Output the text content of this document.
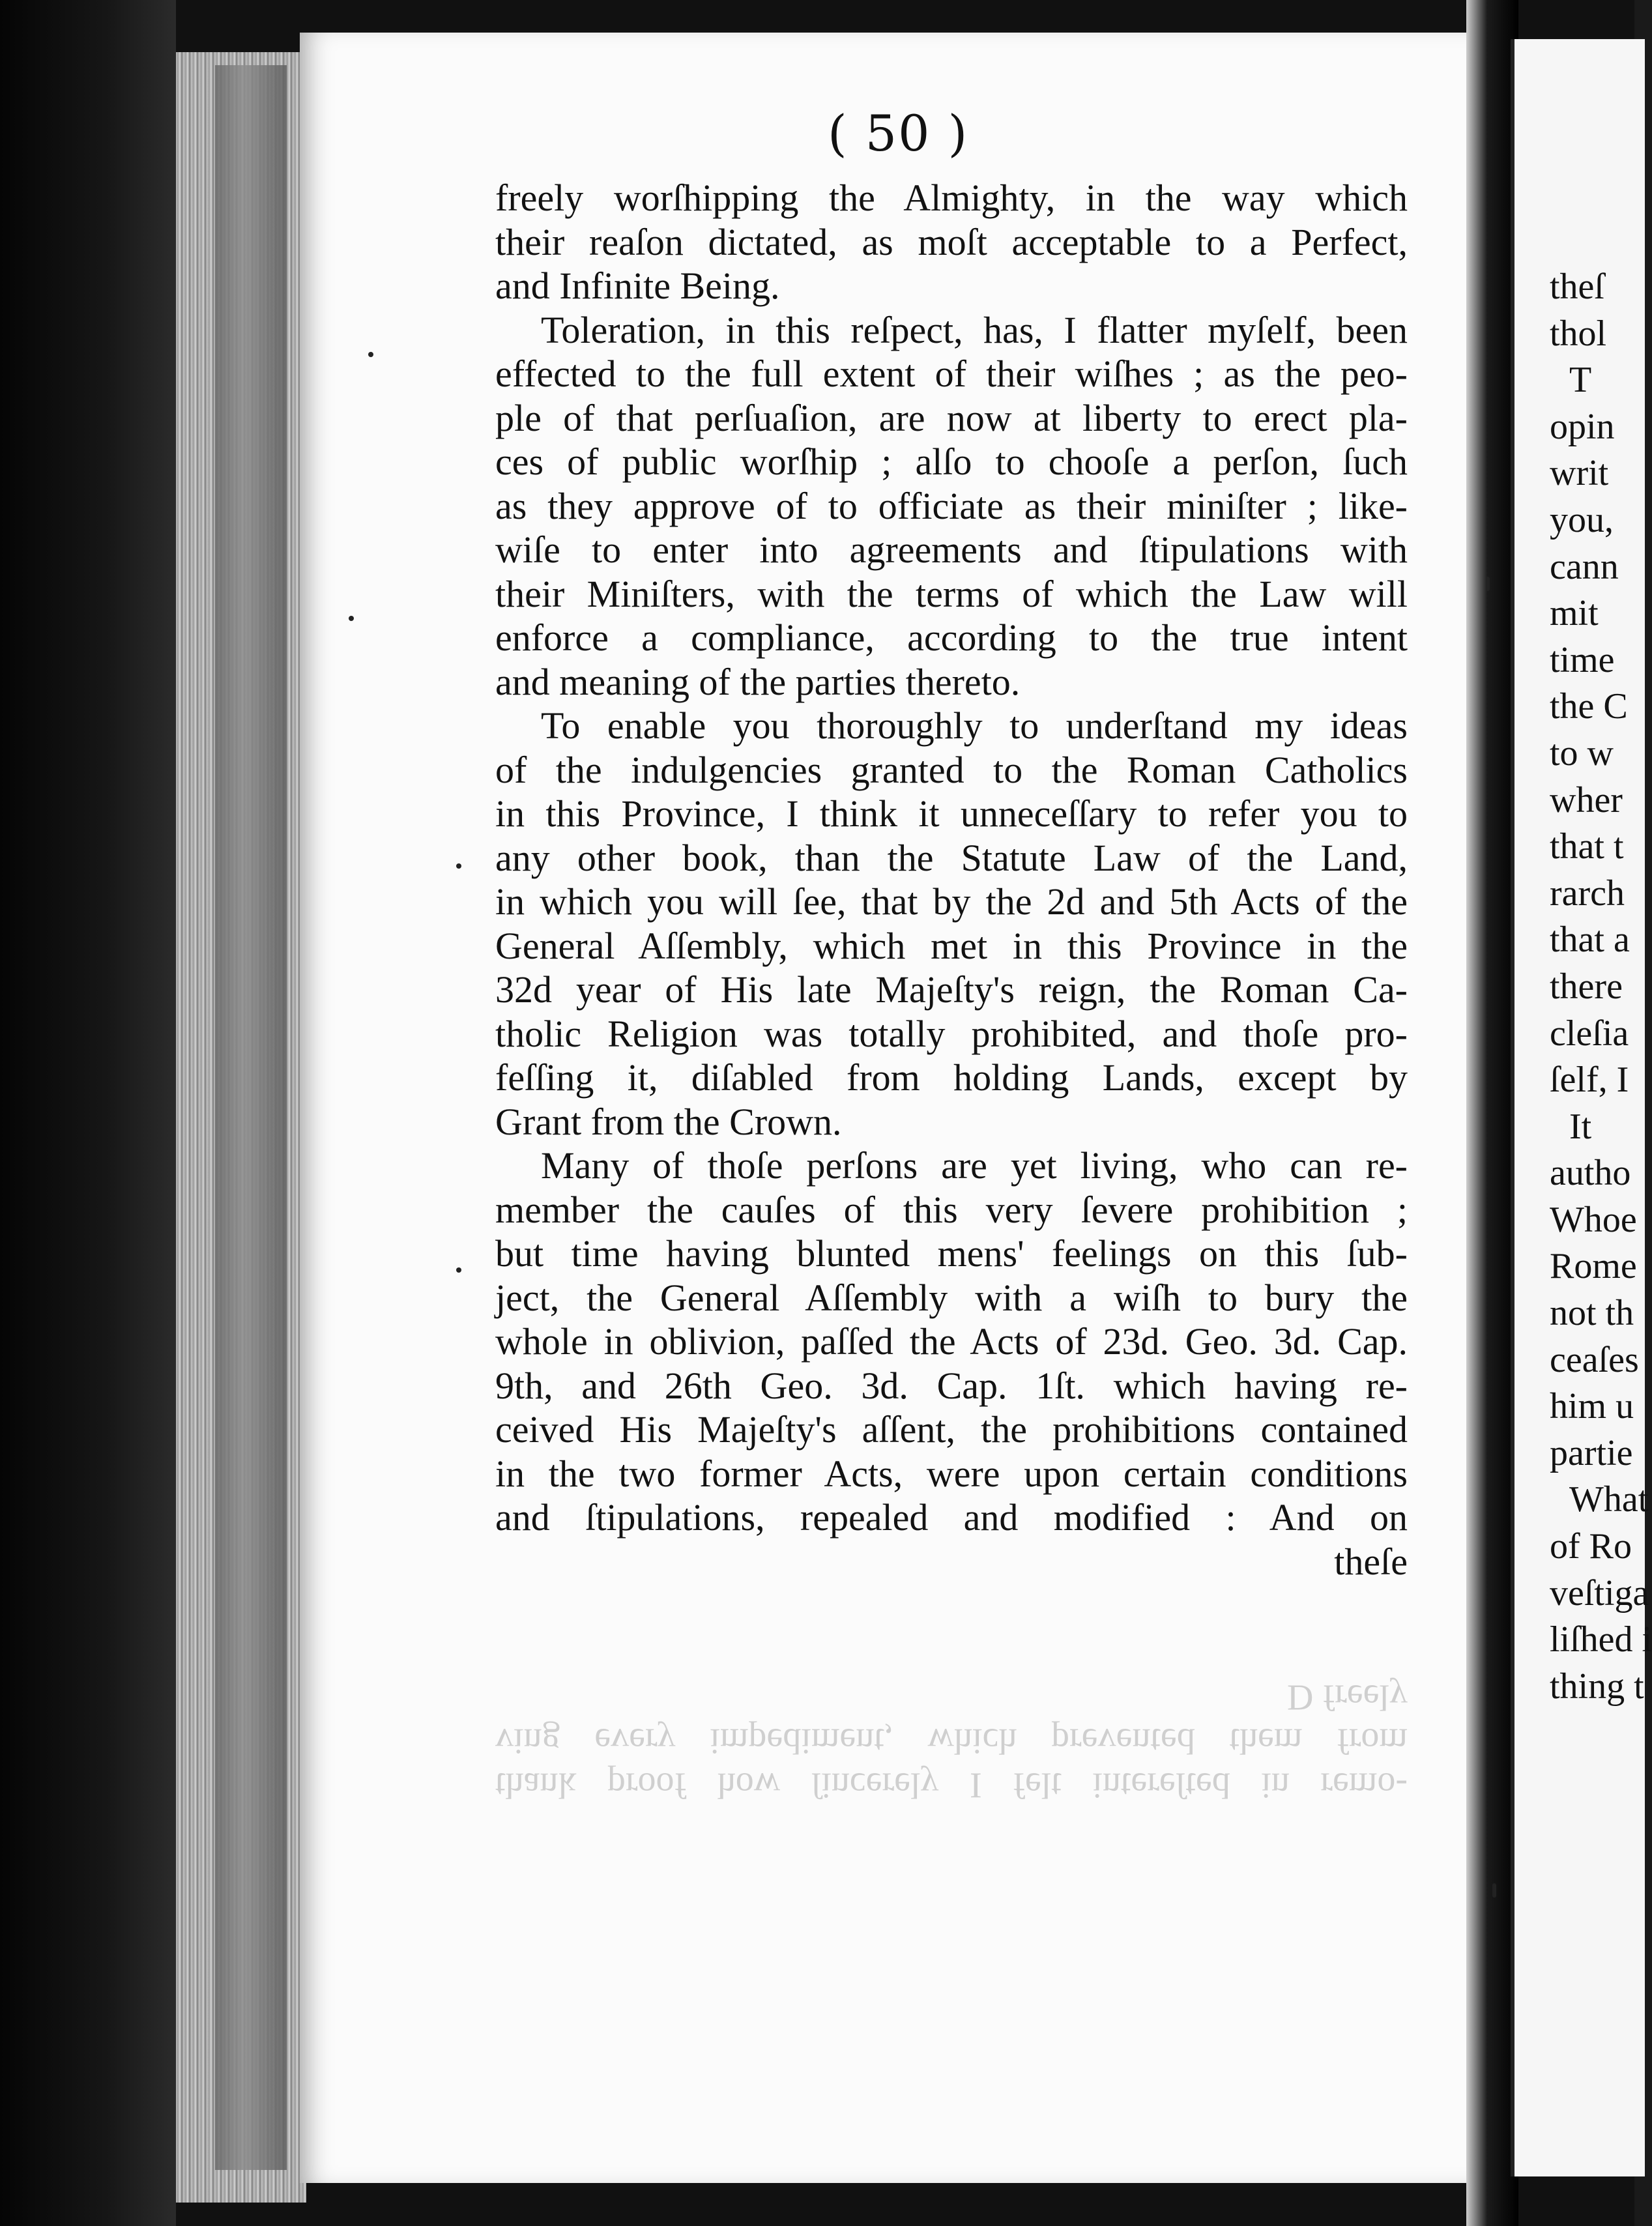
( 50 )
freely worſhipping the Almighty, in the way which
their reaſon dictated, as moſt acceptable to a Perfect,
and Infinite Being.
Toleration, in this reſpect, has, I flatter myſelf, been
effected to the full extent of their wiſhes ; as the peo-
ple of that perſuaſion, are now at liberty to erect pla-
ces of public worſhip ; alſo to chooſe a perſon, ſuch
as they approve of to officiate as their miniſter ; like-
wiſe to enter into agreements and ſtipulations with
their Miniſters, with the terms of which the Law will
enforce a compliance, according to the true intent
and meaning of the parties thereto.
To enable you thoroughly to underſtand my ideas
of the indulgencies granted to the Roman Catholics
in this Province, I think it unneceſſary to refer you to
any other book, than the Statute Law of the Land,
in which you will ſee, that by the 2d and 5th Acts of the
General Aſſembly, which met in this Province in the
32d year of His late Majeſty's reign, the Roman Ca-
tholic Religion was totally prohibited, and thoſe pro-
feſſing it, diſabled from holding Lands, except by
Grant from the Crown.
Many of thoſe perſons are yet living, who can re-
member the cauſes of this very ſevere prohibition ;
but time having blunted mens' feelings on this ſub-
ject, the General Aſſembly with a wiſh to bury the
whole in oblivion, paſſed the Acts of 23d. Geo. 3d. Cap.
9th, and 26th Geo. 3d. Cap. 1ſt. which having re-
ceived His Majeſty's aſſent, the prohibitions contained
in the two former Acts, were upon certain conditions
and ſtipulations, repealed and modified : And on
theſe
thank proof how ſincerely I felt intereſted in remo-
ving every impediment, which prevented them from
D freely
theſ
thol
T
opin
writ
you,
cann
mit
time
the C
to w
wher
that t
rarch
that a
there
cleſia
ſelf, I
It
autho
Whoe
Rome
not th
ceaſes
him u
partie
What
of Ro
veſtiga
liſhed i
thing t
